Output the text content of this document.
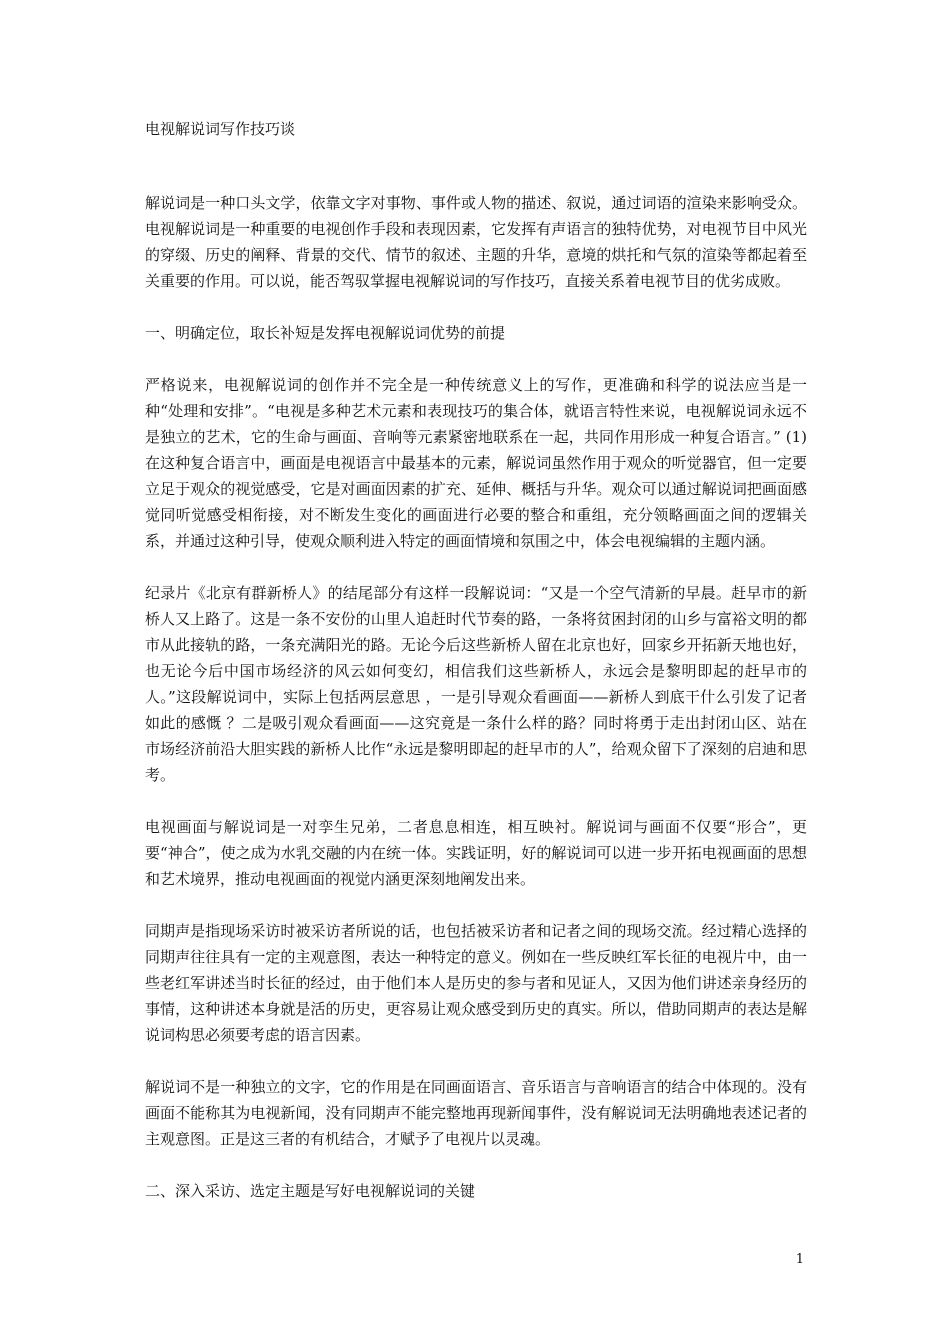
电视解说词写作技巧谈

解说词是一种口头文学，依靠文字对事物、事件或人物的描述、叙说，通过词语的渲染来影响受众。电视解说词是一种重要的电视创作手段和表现因素，它发挥有声语言的独特优势，对电视节目中风光的穿缀、历史的阐释、背景的交代、情节的叙述、主题的升华，意境的烘托和气氛的渲染等都起着至关重要的作用。可以说，能否驾驭掌握电视解说词的写作技巧，直接关系着电视节目的优劣成败。

一、明确定位，取长补短是发挥电视解说词优势的前提

严格说来，电视解说词的创作并不完全是一种传统意义上的写作，更准确和科学的说法应当是一种“处理和安排”。“电视是多种艺术元素和表现技巧的集合体，就语言特性来说，电视解说词永远不是独立的艺术，它的生命与画面、音响等元素紧密地联系在一起，共同作用形成一种复合语言。” (1)　在这种复合语言中，画面是电视语言中最基本的元素，解说词虽然作用于观众的听觉器官，但一定要立足于观众的视觉感受，它是对画面因素的扩充、延伸、概括与升华。观众可以通过解说词把画面感觉同听觉感受相衔接，对不断发生变化的画面进行必要的整合和重组，充分领略画面之间的逻辑关系，并通过这种引导，使观众顺利进入特定的画面情境和氛围之中，体会电视编辑的主题内涵。

纪录片《北京有群新桥人》的结尾部分有这样一段解说词：“又是一个空气清新的早晨。赶早市的新桥人又上路了。这是一条不安份的山里人追赶时代节奏的路，一条将贫困封闭的山乡与富裕文明的都市从此接轨的路，一条充满阳光的路。无论今后这些新桥人留在北京也好，回家乡开拓新天地也好，也无论今后中国市场经济的风云如何变幻，相信我们这些新桥人，永远会是黎明即起的赶早市的人。”这段解说词中，实际上包括两层意思 ，一是引导观众看画面——新桥人到底干什么引发了记者如此的感慨 ？二是吸引观众看画面——这究竟是一条什么样的路？同时将勇于走出封闭山区、站在市场经济前沿大胆实践的新桥人比作“永远是黎明即起的赶早市的人”，给观众留下了深刻的启迪和思考。

电视画面与解说词是一对孪生兄弟，二者息息相连，相互映衬。解说词与画面不仅要“形合”，更要“神合”，使之成为水乳交融的内在统一体。实践证明，好的解说词可以进一步开拓电视画面的思想和艺术境界，推动电视画面的视觉内涵更深刻地阐发出来。

同期声是指现场采访时被采访者所说的话，也包括被采访者和记者之间的现场交流。经过精心选择的同期声往往具有一定的主观意图，表达一种特定的意义。例如在一些反映红军长征的电视片中，由一些老红军讲述当时长征的经过，由于他们本人是历史的参与者和见证人，又因为他们讲述亲身经历的事情，这种讲述本身就是活的历史，更容易让观众感受到历史的真实。所以，借助同期声的表达是解说词构思必须要考虑的语言因素。

解说词不是一种独立的文字，它的作用是在同画面语言、音乐语言与音响语言的结合中体现的。没有画面不能称其为电视新闻，没有同期声不能完整地再现新闻事件，没有解说词无法明确地表述记者的主观意图。正是这三者的有机结合，才赋予了电视片以灵魂。

二、深入采访、选定主题是写好电视解说词的关键

1
